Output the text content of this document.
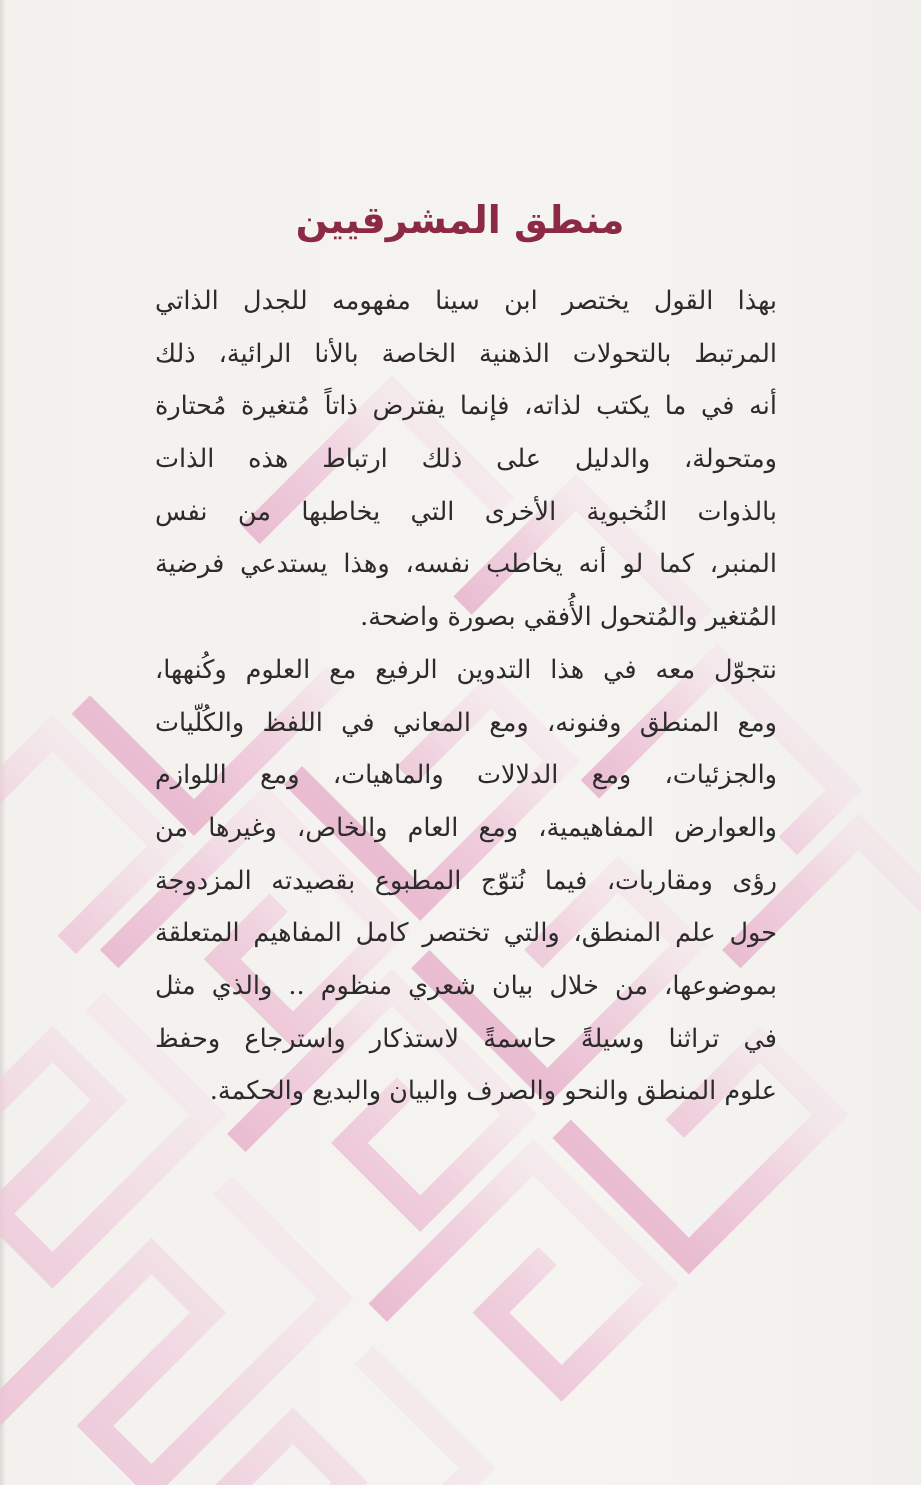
منطق المشرقيين
بهذا القول يختصر ابن سينا مفهومه للجدل الذاتي
المرتبط بالتحولات الذهنية الخاصة بالأنا الرائية، ذلك
أنه في ما يكتب لذاته، فإنما يفترض ذاتاً مُتغيرة مُحتارة
ومتحولة، والدليل على ذلك ارتباط هذه الذات
بالذوات النُخبوية الأخرى التي يخاطبها من نفس
المنبر، كما لو أنه يخاطب نفسه، وهذا يستدعي فرضية
المُتغير والمُتحول الأُفقي بصورة واضحة.
نتجوّل معه في هذا التدوين الرفيع مع العلوم وكُنهها،
ومع المنطق وفنونه، ومع المعاني في اللفظ والكُلّيات
والجزئيات، ومع الدلالات والماهيات، ومع اللوازم
والعوارض المفاهيمية، ومع العام والخاص، وغيرها من
رؤى ومقاربات، فيما نُتوّج المطبوع بقصيدته المزدوجة
حول علم المنطق، والتي تختصر كامل المفاهيم المتعلقة
بموضوعها، من خلال بيان شعري منظوم .. والذي مثل
في تراثنا وسيلةً حاسمةً لاستذكار واسترجاع وحفظ
علوم المنطق والنحو والصرف والبيان والبديع والحكمة.
